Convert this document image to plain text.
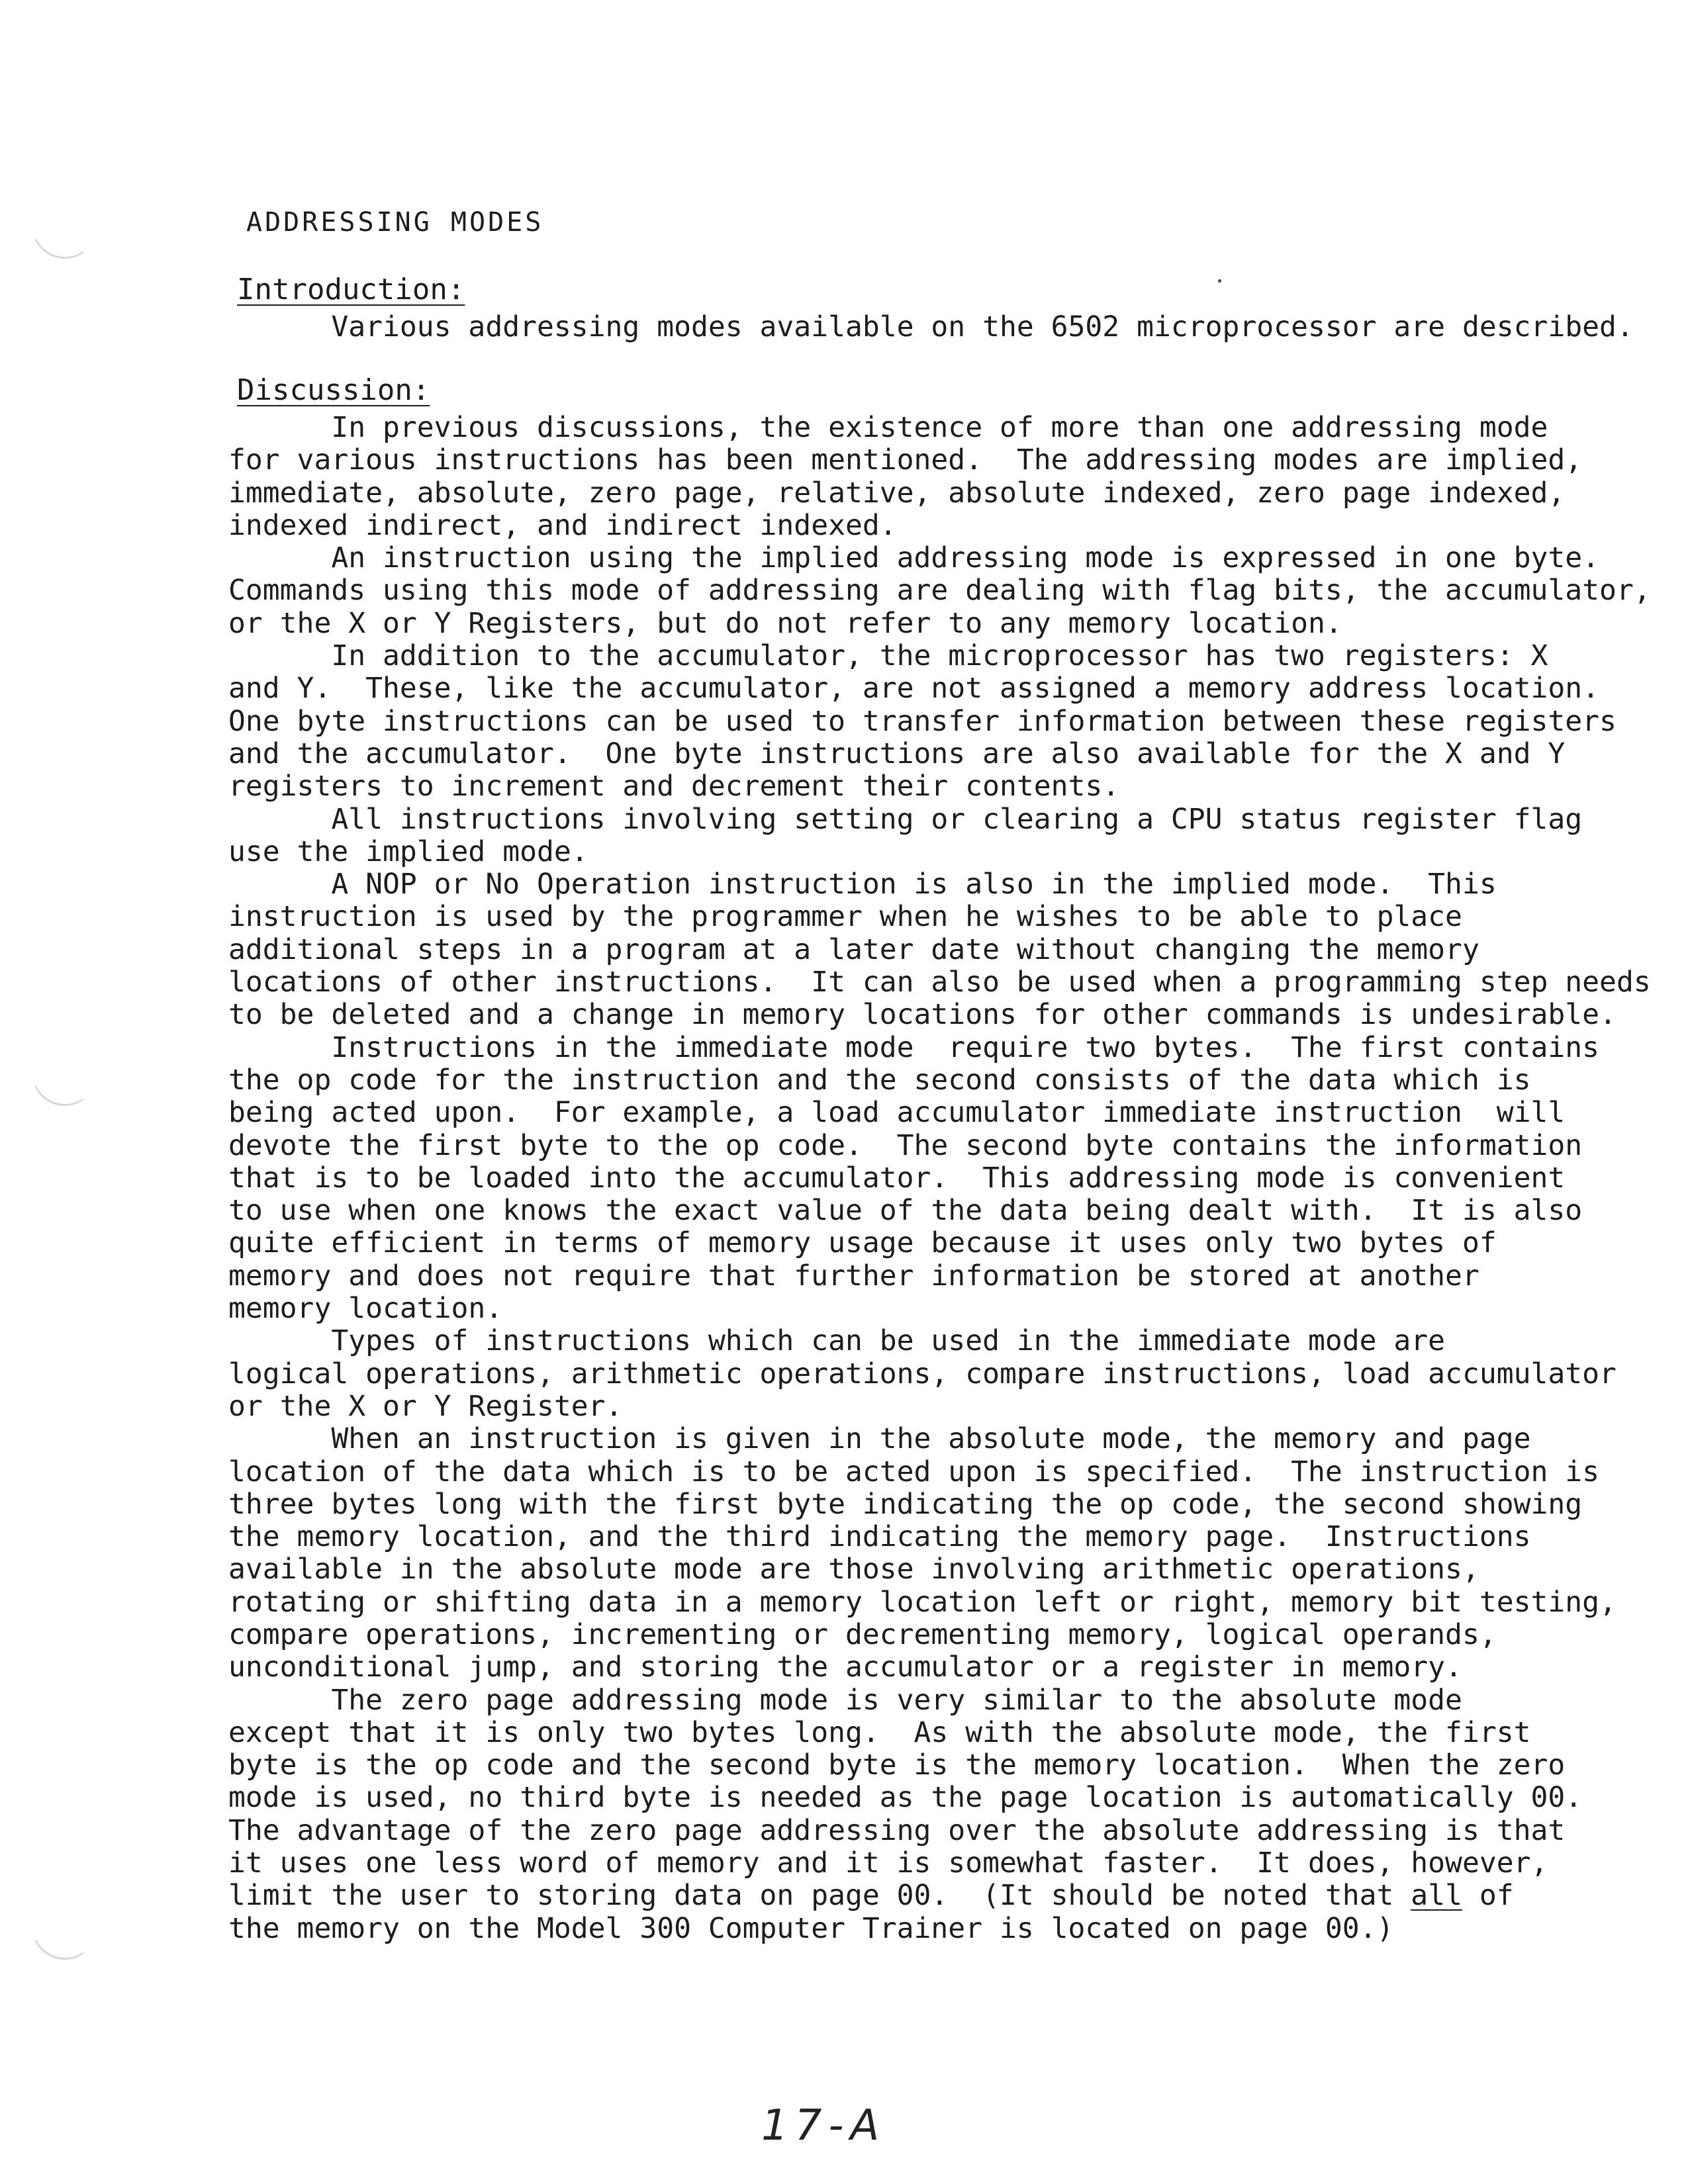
ADDRESSING MODES
Introduction:
Various addressing modes available on the 6502 microprocessor are described.
Discussion:
In previous discussions, the existence of more than one addressing mode
for various instructions has been mentioned.  The addressing modes are implied,
immediate, absolute, zero page, relative, absolute indexed, zero page indexed,
indexed indirect, and indirect indexed.
An instruction using the implied addressing mode is expressed in one byte.
Commands using this mode of addressing are dealing with flag bits, the accumulator,
or the X or Y Registers, but do not refer to any memory location.
In addition to the accumulator, the microprocessor has two registers: X
and Y.  These, like the accumulator, are not assigned a memory address location.
One byte instructions can be used to transfer information between these registers
and the accumulator.  One byte instructions are also available for the X and Y
registers to increment and decrement their contents.
All instructions involving setting or clearing a CPU status register flag
use the implied mode.
A NOP or No Operation instruction is also in the implied mode.  This
instruction is used by the programmer when he wishes to be able to place
additional steps in a program at a later date without changing the memory
locations of other instructions.  It can also be used when a programming step needs
to be deleted and a change in memory locations for other commands is undesirable.
Instructions in the immediate mode  require two bytes.  The first contains
the op code for the instruction and the second consists of the data which is
being acted upon.  For example, a load accumulator immediate instruction  will
devote the first byte to the op code.  The second byte contains the information
that is to be loaded into the accumulator.  This addressing mode is convenient
to use when one knows the exact value of the data being dealt with.  It is also
quite efficient in terms of memory usage because it uses only two bytes of
memory and does not require that further information be stored at another
memory location.
Types of instructions which can be used in the immediate mode are
logical operations, arithmetic operations, compare instructions, load accumulator
or the X or Y Register.
When an instruction is given in the absolute mode, the memory and page
location of the data which is to be acted upon is specified.  The instruction is
three bytes long with the first byte indicating the op code, the second showing
the memory location, and the third indicating the memory page.  Instructions
available in the absolute mode are those involving arithmetic operations,
rotating or shifting data in a memory location left or right, memory bit testing,
compare operations, incrementing or decrementing memory, logical operands,
unconditional jump, and storing the accumulator or a register in memory.
The zero page addressing mode is very similar to the absolute mode
except that it is only two bytes long.  As with the absolute mode, the first
byte is the op code and the second byte is the memory location.  When the zero
mode is used, no third byte is needed as the page location is automatically 00.
The advantage of the zero page addressing over the absolute addressing is that
it uses one less word of memory and it is somewhat faster.  It does, however,
limit the user to storing data on page 00.  (It should be noted that all of
the memory on the Model 300 Computer Trainer is located on page 00.)
17-A
